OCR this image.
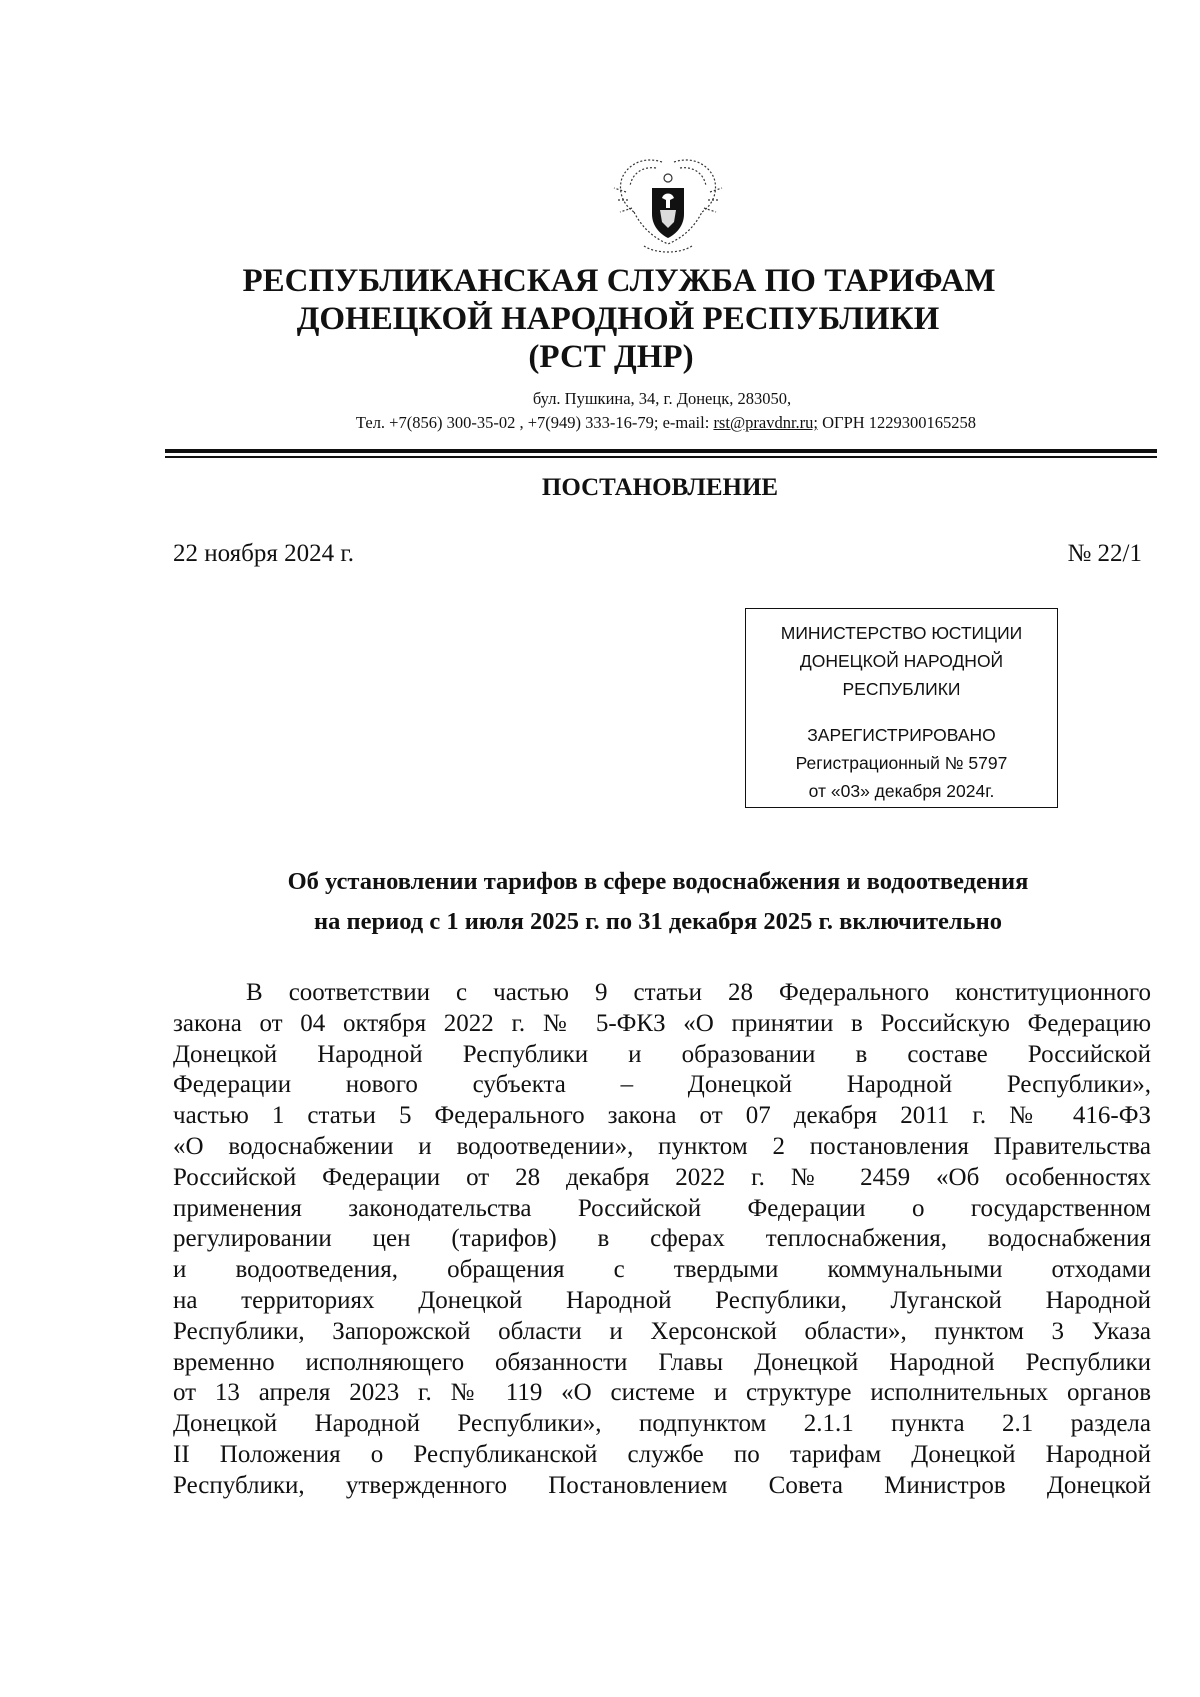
РЕСПУБЛИКАНСКАЯ СЛУЖБА ПО ТАРИФАМ
ДОНЕЦКОЙ НАРОДНОЙ РЕСПУБЛИКИ
(РСТ ДНР)
бул. Пушкина, 34, г. Донецк, 283050,
Тел. +7(856) 300-35-02 , +7(949) 333-16-79; e-mail: rst@pravdnr.ru; ОГРН 1229300165258
ПОСТАНОВЛЕНИЕ
22 ноября 2024 г.	№ 22/1
МИНИСТЕРСТВО ЮСТИЦИИ
ДОНЕЦКОЙ НАРОДНОЙ
РЕСПУБЛИКИ
ЗАРЕГИСТРИРОВАНО
Регистрационный № 5797
от «03» декабря 2024г.
Об установлении тарифов в сфере водоснабжения и водоотведения
на период с 1 июля 2025 г. по 31 декабря 2025 г. включительно
В соответствии с частью 9 статьи 28 Федерального конституционного
закона от 04 октября 2022 г. № 5-ФКЗ «О принятии в Российскую Федерацию
Донецкой Народной Республики и образовании в составе Российской
Федерации нового субъекта – Донецкой Народной Республики»,
частью 1 статьи 5 Федерального закона от 07 декабря 2011 г. № 416-ФЗ
«О водоснабжении и водоотведении», пунктом 2 постановления Правительства
Российской Федерации от 28 декабря 2022 г. № 2459 «Об особенностях
применения законодательства Российской Федерации о государственном
регулировании цен (тарифов) в сферах теплоснабжения, водоснабжения
и водоотведения, обращения с твердыми коммунальными отходами
на территориях Донецкой Народной Республики, Луганской Народной
Республики, Запорожской области и Херсонской области», пунктом 3 Указа
временно исполняющего обязанности Главы Донецкой Народной Республики
от 13 апреля 2023 г. № 119 «О системе и структуре исполнительных органов
Донецкой Народной Республики», подпунктом 2.1.1 пункта 2.1 раздела
II Положения о Республиканской службе по тарифам Донецкой Народной
Республики, утвержденного Постановлением Совета Министров Донецкой
